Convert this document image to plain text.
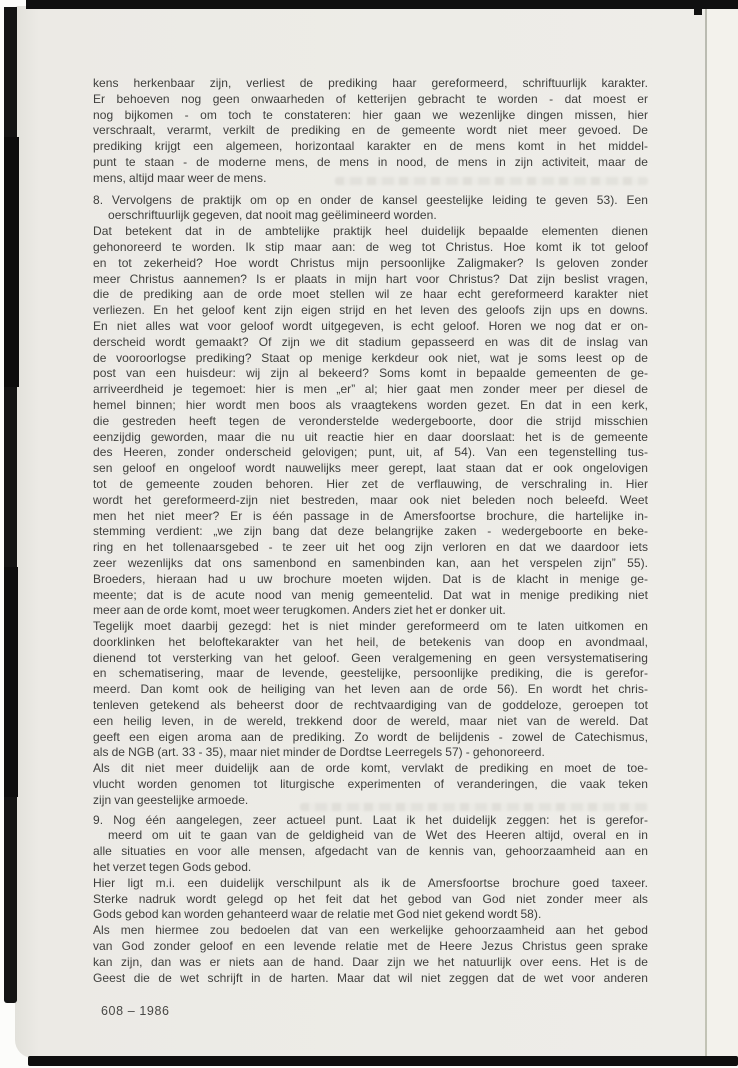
kens herkenbaar zijn, verliest de prediking haar gereformeerd, schriftuurlijk karakter.
Er behoeven nog geen onwaarheden of ketterijen gebracht te worden - dat moest er
nog bijkomen - om toch te constateren: hier gaan we wezenlijke dingen missen, hier
verschraalt, verarmt, verkilt de prediking en de gemeente wordt niet meer gevoed. De
prediking krijgt een algemeen, horizontaal karakter en de mens komt in het middel-
punt te staan - de moderne mens, de mens in nood, de mens in zijn activiteit, maar de
mens, altijd maar weer de mens.
8. Vervolgens de praktijk om op en onder de kansel geestelijke leiding te geven 53). Een
oerschriftuurlijk gegeven, dat nooit mag geëlimineerd worden.
Dat betekent dat in de ambtelijke praktijk heel duidelijk bepaalde elementen dienen
gehonoreerd te worden. Ik stip maar aan: de weg tot Christus. Hoe komt ik tot geloof
en tot zekerheid? Hoe wordt Christus mijn persoonlijke Zaligmaker? Is geloven zonder
meer Christus aannemen? Is er plaats in mijn hart voor Christus? Dat zijn beslist vragen,
die de prediking aan de orde moet stellen wil ze haar echt gereformeerd karakter niet
verliezen. En het geloof kent zijn eigen strijd en het leven des geloofs zijn ups en downs.
En niet alles wat voor geloof wordt uitgegeven, is echt geloof. Horen we nog dat er on-
derscheid wordt gemaakt? Of zijn we dit stadium gepasseerd en was dit de inslag van
de vooroorlogse prediking? Staat op menige kerkdeur ook niet, wat je soms leest op de
post van een huisdeur: wij zijn al bekeerd? Soms komt in bepaalde gemeenten de ge-
arriveerdheid je tegemoet: hier is men „er” al; hier gaat men zonder meer per diesel de
hemel binnen; hier wordt men boos als vraagtekens worden gezet. En dat in een kerk,
die gestreden heeft tegen de veronderstelde wedergeboorte, door die strijd misschien
eenzijdig geworden, maar die nu uit reactie hier en daar doorslaat: het is de gemeente
des Heeren, zonder onderscheid gelovigen; punt, uit, af 54). Van een tegenstelling tus-
sen geloof en ongeloof wordt nauwelijks meer gerept, laat staan dat er ook ongelovigen
tot de gemeente zouden behoren. Hier zet de verflauwing, de verschraling in. Hier
wordt het gereformeerd-zijn niet bestreden, maar ook niet beleden noch beleefd. Weet
men het niet meer? Er is één passage in de Amersfoortse brochure, die hartelijke in-
stemming verdient: „we zijn bang dat deze belangrijke zaken - wedergeboorte en beke-
ring en het tollenaarsgebed - te zeer uit het oog zijn verloren en dat we daardoor iets
zeer wezenlijks dat ons samenbond en samenbinden kan, aan het verspelen zijn” 55).
Broeders, hieraan had u uw brochure moeten wijden. Dat is de klacht in menige ge-
meente; dat is de acute nood van menig gemeentelid. Dat wat in menige prediking niet
meer aan de orde komt, moet weer terugkomen. Anders ziet het er donker uit.
Tegelijk moet daarbij gezegd: het is niet minder gereformeerd om te laten uitkomen en
doorklinken het beloftekarakter van het heil, de betekenis van doop en avondmaal,
dienend tot versterking van het geloof. Geen veralgemening en geen versystematisering
en schematisering, maar de levende, geestelijke, persoonlijke prediking, die is gerefor-
meerd. Dan komt ook de heiliging van het leven aan de orde 56). En wordt het chris-
tenleven getekend als beheerst door de rechtvaardiging van de goddeloze, geroepen tot
een heilig leven, in de wereld, trekkend door de wereld, maar niet van de wereld. Dat
geeft een eigen aroma aan de prediking. Zo wordt de belijdenis - zowel de Catechismus,
als de NGB (art. 33 - 35), maar niet minder de Dordtse Leerregels 57) - gehonoreerd.
Als dit niet meer duidelijk aan de orde komt, vervlakt de prediking en moet de toe-
vlucht worden genomen tot liturgische experimenten of veranderingen, die vaak teken
zijn van geestelijke armoede.
9. Nog één aangelegen, zeer actueel punt. Laat ik het duidelijk zeggen: het is gerefor-
meerd om uit te gaan van de geldigheid van de Wet des Heeren altijd, overal en in
alle situaties en voor alle mensen, afgedacht van de kennis van, gehoorzaamheid aan en
het verzet tegen Gods gebod.
Hier ligt m.i. een duidelijk verschilpunt als ik de Amersfoortse brochure goed taxeer.
Sterke nadruk wordt gelegd op het feit dat het gebod van God niet zonder meer als
Gods gebod kan worden gehanteerd waar de relatie met God niet gekend wordt 58).
Als men hiermee zou bedoelen dat van een werkelijke gehoorzaamheid aan het gebod
van God zonder geloof en een levende relatie met de Heere Jezus Christus geen sprake
kan zijn, dan was er niets aan de hand. Daar zijn we het natuurlijk over eens. Het is de
Geest die de wet schrijft in de harten. Maar dat wil niet zeggen dat de wet voor anderen
608 – 1986
